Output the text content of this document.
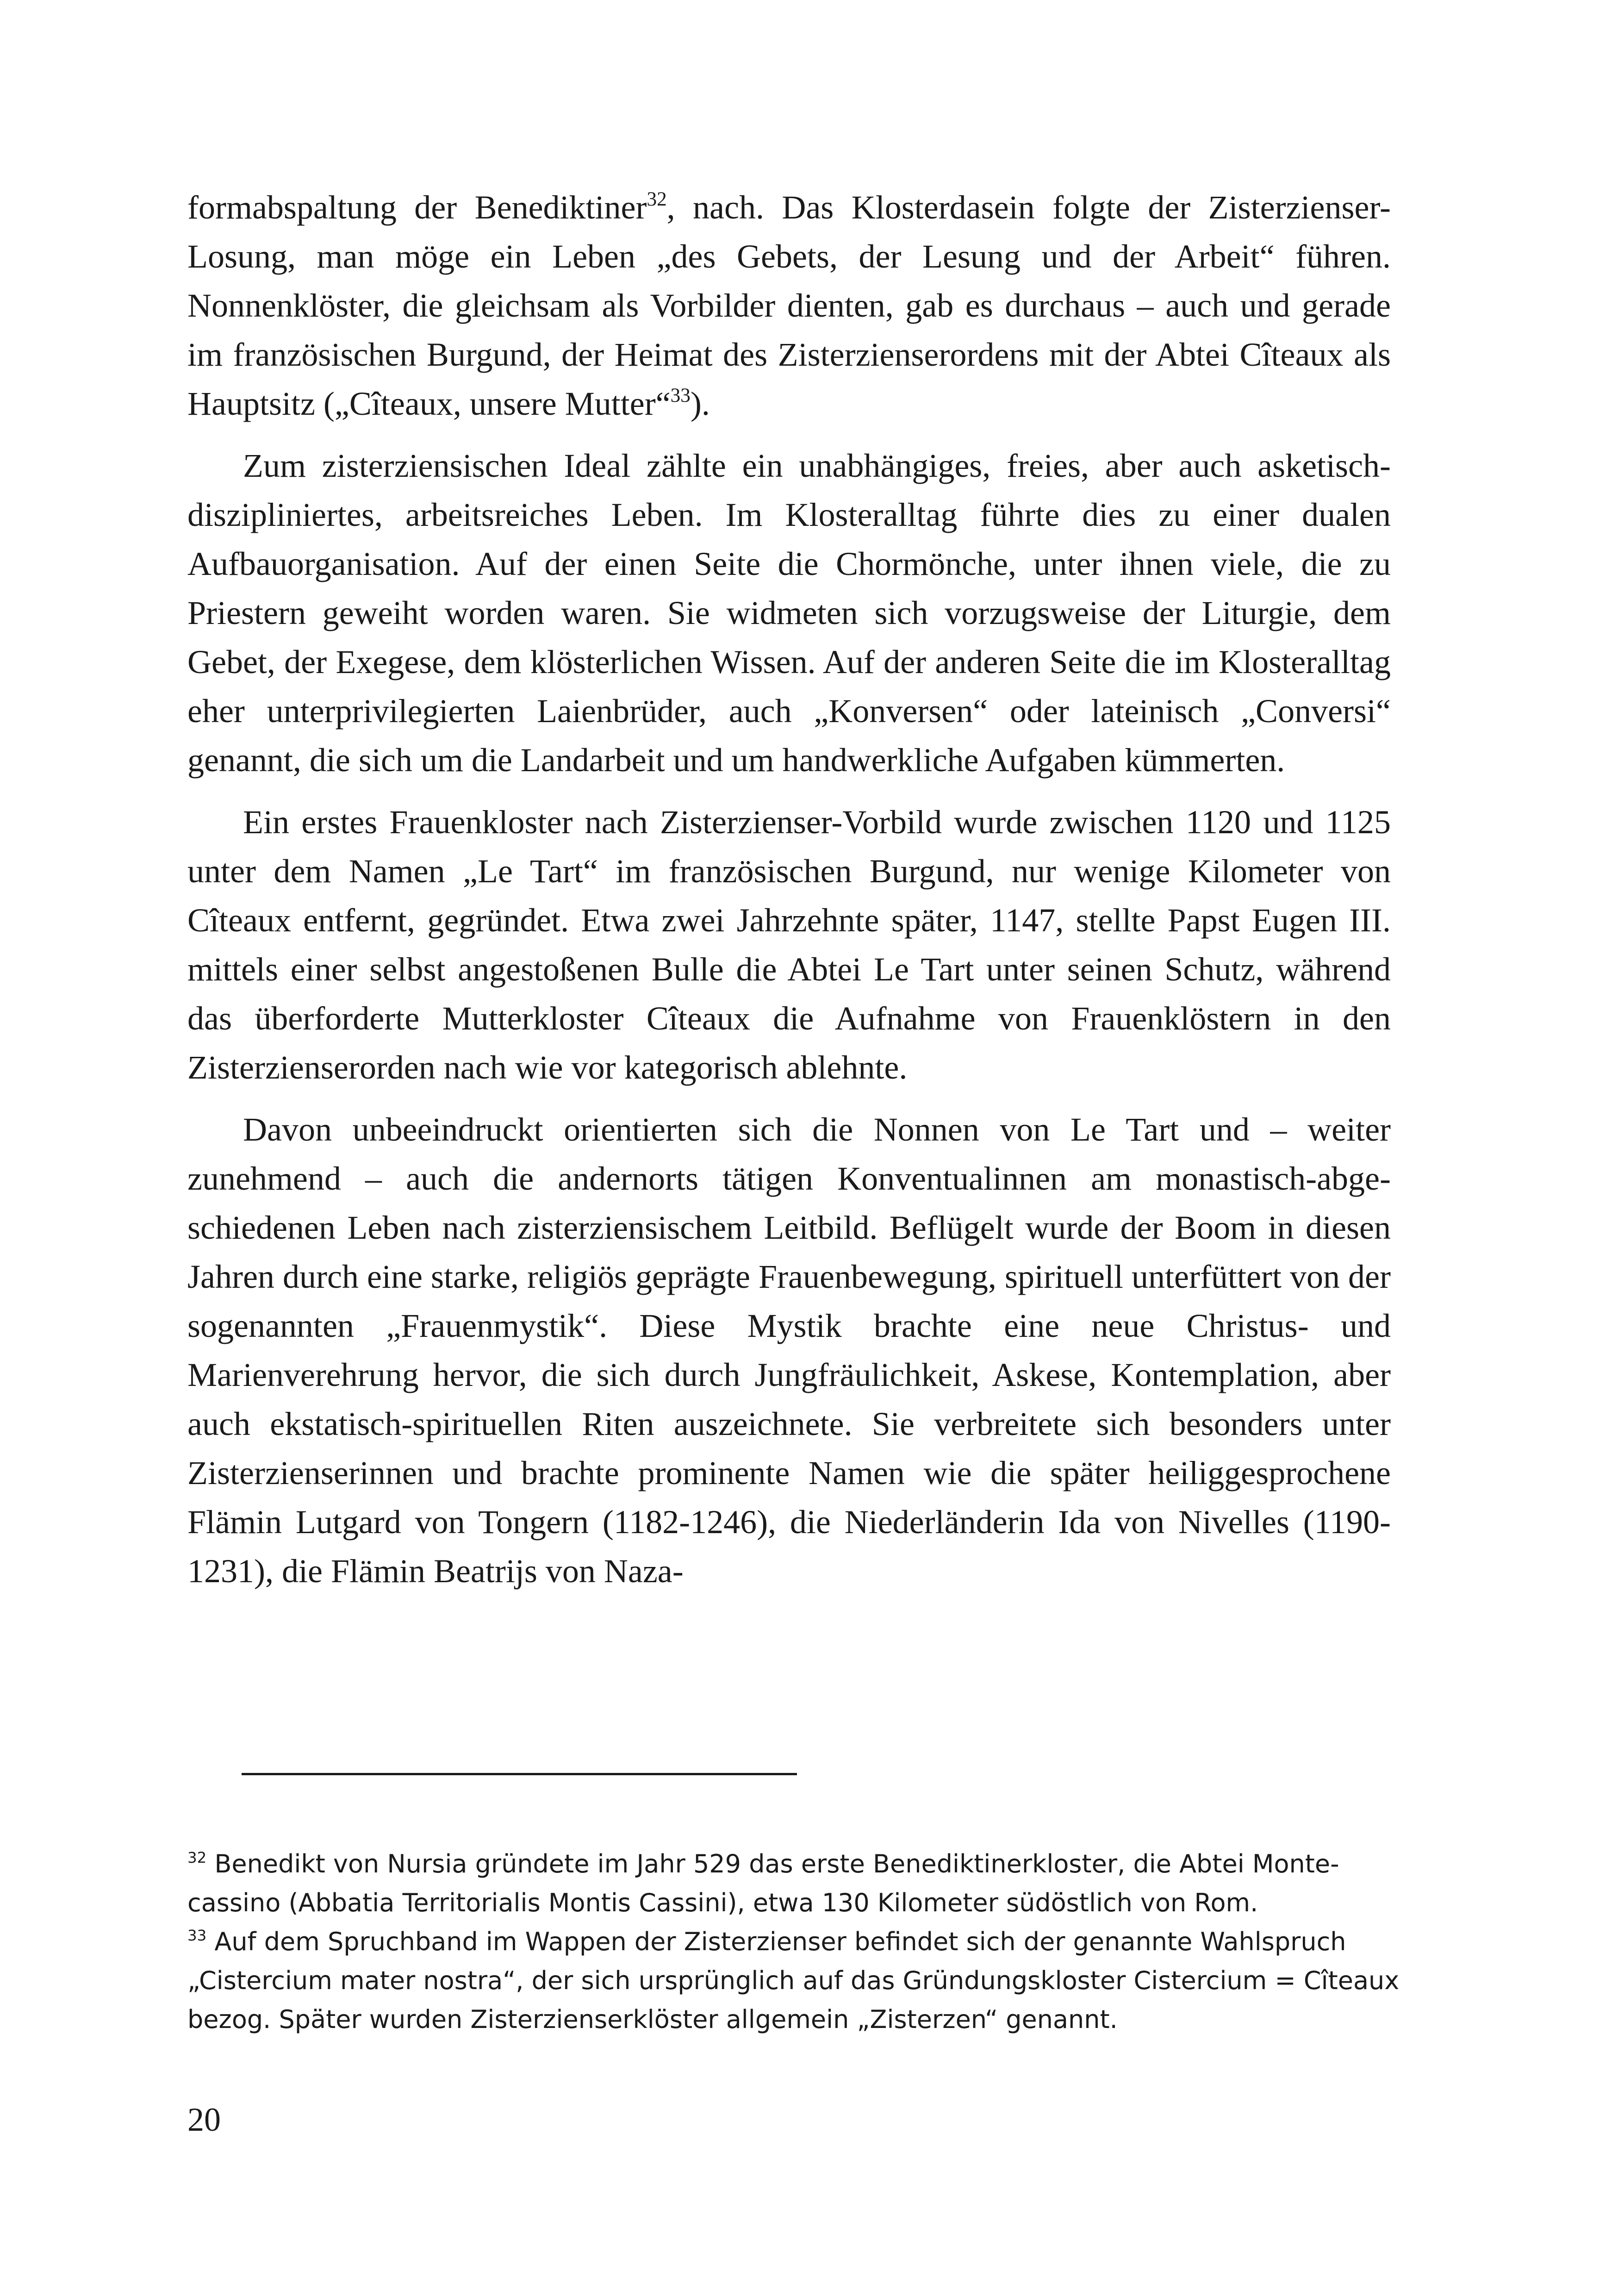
formabspaltung der Benediktiner$^{32}$, nach. Das Klosterdasein folgte der Zisterzienser-Losung, man möge ein Leben „des Gebets, der Lesung und der Arbeit“ führen. Nonnenklöster, die gleichsam als Vorbilder dienten, gab es durchaus – auch und gerade im französischen Burgund, der Heimat des Zisterzienserordens mit der Abtei Cîteaux als Hauptsitz („Cîteaux, unsere Mutter“$^{33}$).

Zum zisterziensischen Ideal zählte ein unabhängiges, freies, aber auch asketisch-diszipliniertes, arbeitsreiches Leben. Im Klosteralltag führte dies zu einer dualen Aufbauorganisation. Auf der einen Seite die Chormönche, unter ihnen viele, die zu Priestern geweiht worden waren. Sie widmeten sich vorzugsweise der Liturgie, dem Gebet, der Exegese, dem klösterlichen Wissen. Auf der anderen Seite die im Klosteralltag eher unterprivilegierten Laienbrüder, auch „Konversen“ oder lateinisch „Conversi“ genannt, die sich um die Landarbeit und um handwerkliche Aufgaben kümmerten.

Ein erstes Frauenkloster nach Zisterzienser-Vorbild wurde zwischen 1120 und 1125 unter dem Namen „Le Tart“ im französischen Burgund, nur wenige Kilometer von Cîteaux entfernt, gegründet. Etwa zwei Jahrzehnte später, 1147, stellte Papst Eugen III. mittels einer selbst angestoßenen Bulle die Abtei Le Tart unter seinen Schutz, während das überforderte Mutterkloster Cîteaux die Aufnahme von Frauenklöstern in den Zisterzienserorden nach wie vor kategorisch ablehnte.

Davon unbeeindruckt orientierten sich die Nonnen von Le Tart und – weiter zunehmend – auch die andernorts tätigen Konventualinnen am monastisch-abgeschiedenen Leben nach zisterziensischem Leitbild. Beflügelt wurde der Boom in diesen Jahren durch eine starke, religiös geprägte Frauenbewegung, spirituell unterfüttert von der sogenannten „Frauenmystik“. Diese Mystik brachte eine neue Christus- und Marienverehrung hervor, die sich durch Jungfräulichkeit, Askese, Kontemplation, aber auch ekstatisch-spirituellen Riten auszeichnete. Sie verbreitete sich besonders unter Zisterzienserinnen und brachte prominente Namen wie die später heiliggesprochene Flämin Lutgard von Tongern (1182-1246), die Niederländerin Ida von Nivelles (1190-1231), die Flämin Beatrijs von Naza-

$^{32}$ Benedikt von Nursia gründete im Jahr 529 das erste Benediktinerkloster, die Abtei Montecassino (Abbatia Territorialis Montis Cassini), etwa 130 Kilometer südöstlich von Rom.

$^{33}$ Auf dem Spruchband im Wappen der Zisterzienser befindet sich der genannte Wahlspruch „Cistercium mater nostra“, der sich ursprünglich auf das Gründungskloster Cistercium = Cîteaux bezog. Später wurden Zisterzienserklöster allgemein „Zisterzen“ genannt.

20
